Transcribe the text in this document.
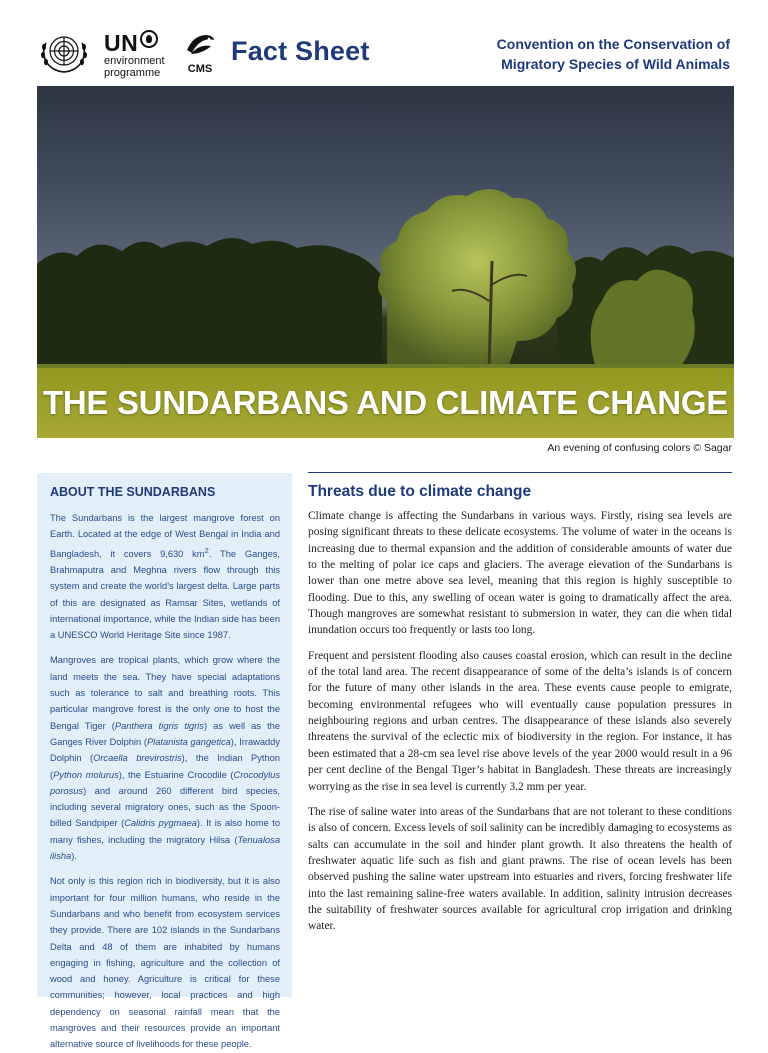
UN
environment
programme	CMS
Fact Sheet	Convention on the Conservation of
Migratory Species of Wild Animals
THE SUNDARBANS AND CLIMATE CHANGE
An evening of confusing colors © Sagar
ABOUT THE SUNDARBANS

The Sundarbans is the largest mangrove forest on Earth. Located at the edge of West Bengal in India and Bangladesh, it covers 9,630 $km^2$. The Ganges, Brahmaputra and Meghna rivers flow through this system and create the world’s largest delta. Large parts of this are designated as Ramsar Sites, wetlands of international importance, while the Indian side has been a UNESCO World Heritage Site since 1987.

Mangroves are tropical plants, which grow where the land meets the sea. They have special adaptations such as tolerance to salt and breathing roots. This particular mangrove forest is the only one to host the Bengal Tiger (Panthera tigris tigris) as well as the Ganges River Dolphin (Platanista gangetica), Irrawaddy Dolphin (Orcaella brevirostris), the Indian Python (Python molurus), the Estuarine Crocodile (Crocodylus porosus) and around 260 different bird species, including several migratory ones, such as the Spoon-billed Sandpiper (Calidris pygmaea). It is also home to many fishes, including the migratory Hilsa (Tenualosa ilisha).

Not only is this region rich in biodiversity, but it is also important for four million humans, who reside in the Sundarbans and who benefit from ecosystem services they provide. There are 102 islands in the Sundarbans Delta and 48 of them are inhabited by humans engaging in fishing, agriculture and the collection of wood and honey. Agriculture is critical for these communities; however, local practices and high dependency on seasonal rainfall mean that the mangroves and their resources provide an important alternative source of livelihoods for these people.

Threats due to climate change

Climate change is affecting the Sundarbans in various ways. Firstly, rising sea levels are posing significant threats to these delicate ecosystems. The volume of water in the oceans is increasing due to thermal expansion and the addition of considerable amounts of water due to the melting of polar ice caps and glaciers. The average elevation of the Sundarbans is lower than one metre above sea level, meaning that this region is highly susceptible to flooding. Due to this, any swelling of ocean water is going to dramatically affect the area. Though mangroves are somewhat resistant to submersion in water, they can die when tidal inundation occurs too frequently or lasts too long.

Frequent and persistent flooding also causes coastal erosion, which can result in the decline of the total land area. The recent disappearance of some of the delta’s islands is of concern for the future of many other islands in the area. These events cause people to emigrate, becoming environmental refugees who will eventually cause population pressures in neighbouring regions and urban centres. The disappearance of these islands also severely threatens the survival of the eclectic mix of biodiversity in the region. For instance, it has been estimated that a 28-cm sea level rise above levels of the year 2000 would result in a 96 per cent decline of the Bengal Tiger’s habitat in Bangladesh. These threats are increasingly worrying as the rise in sea level is currently 3.2 mm per year.

The rise of saline water into areas of the Sundarbans that are not tolerant to these conditions is also of concern. Excess levels of soil salinity can be incredibly damaging to ecosystems as salts can accumulate in the soil and hinder plant growth. It also threatens the health of freshwater aquatic life such as fish and giant prawns. The rise of ocean levels has been observed pushing the saline water upstream into estuaries and rivers, forcing freshwater life into the last remaining saline-free waters available. In addition, salinity intrusion decreases the suitability of freshwater sources available for agricultural crop irrigation and drinking water.
